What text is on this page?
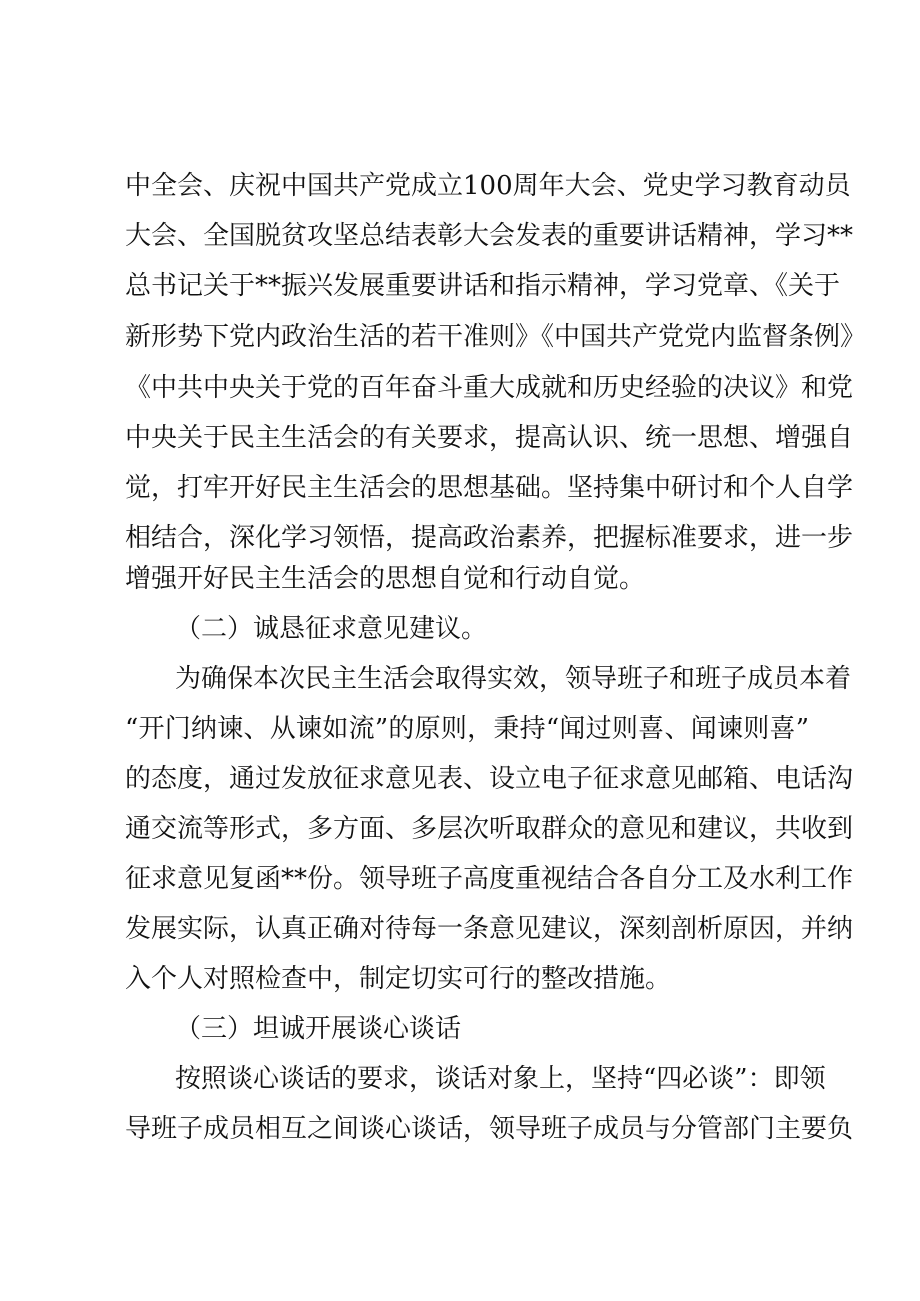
中全会、庆祝中国共产党成立100周年大会、党史学习教育动员
大会、全国脱贫攻坚总结表彰大会发表的重要讲话精神，学习**
总书记关于**振兴发展重要讲话和指示精神，学习党章、《关于
新形势下党内政治生活的若干准则》《中国共产党党内监督条例》
《中共中央关于党的百年奋斗重大成就和历史经验的决议》和党
中央关于民主生活会的有关要求，提高认识、统一思想、增强自
觉，打牢开好民主生活会的思想基础。坚持集中研讨和个人自学
相结合，深化学习领悟，提高政治素养，把握标准要求，进一步
增强开好民主生活会的思想自觉和行动自觉。
（二）诚恳征求意见建议。
为确保本次民主生活会取得实效，领导班子和班子成员本着
“开门纳谏、从谏如流”的原则，秉持“闻过则喜、闻谏则喜”
的态度，通过发放征求意见表、设立电子征求意见邮箱、电话沟
通交流等形式，多方面、多层次听取群众的意见和建议，共收到
征求意见复函**份。领导班子高度重视结合各自分工及水利工作
发展实际，认真正确对待每一条意见建议，深刻剖析原因，并纳
入个人对照检查中，制定切实可行的整改措施。
（三）坦诚开展谈心谈话
按照谈心谈话的要求，谈话对象上，坚持“四必谈”：即领
导班子成员相互之间谈心谈话，领导班子成员与分管部门主要负
